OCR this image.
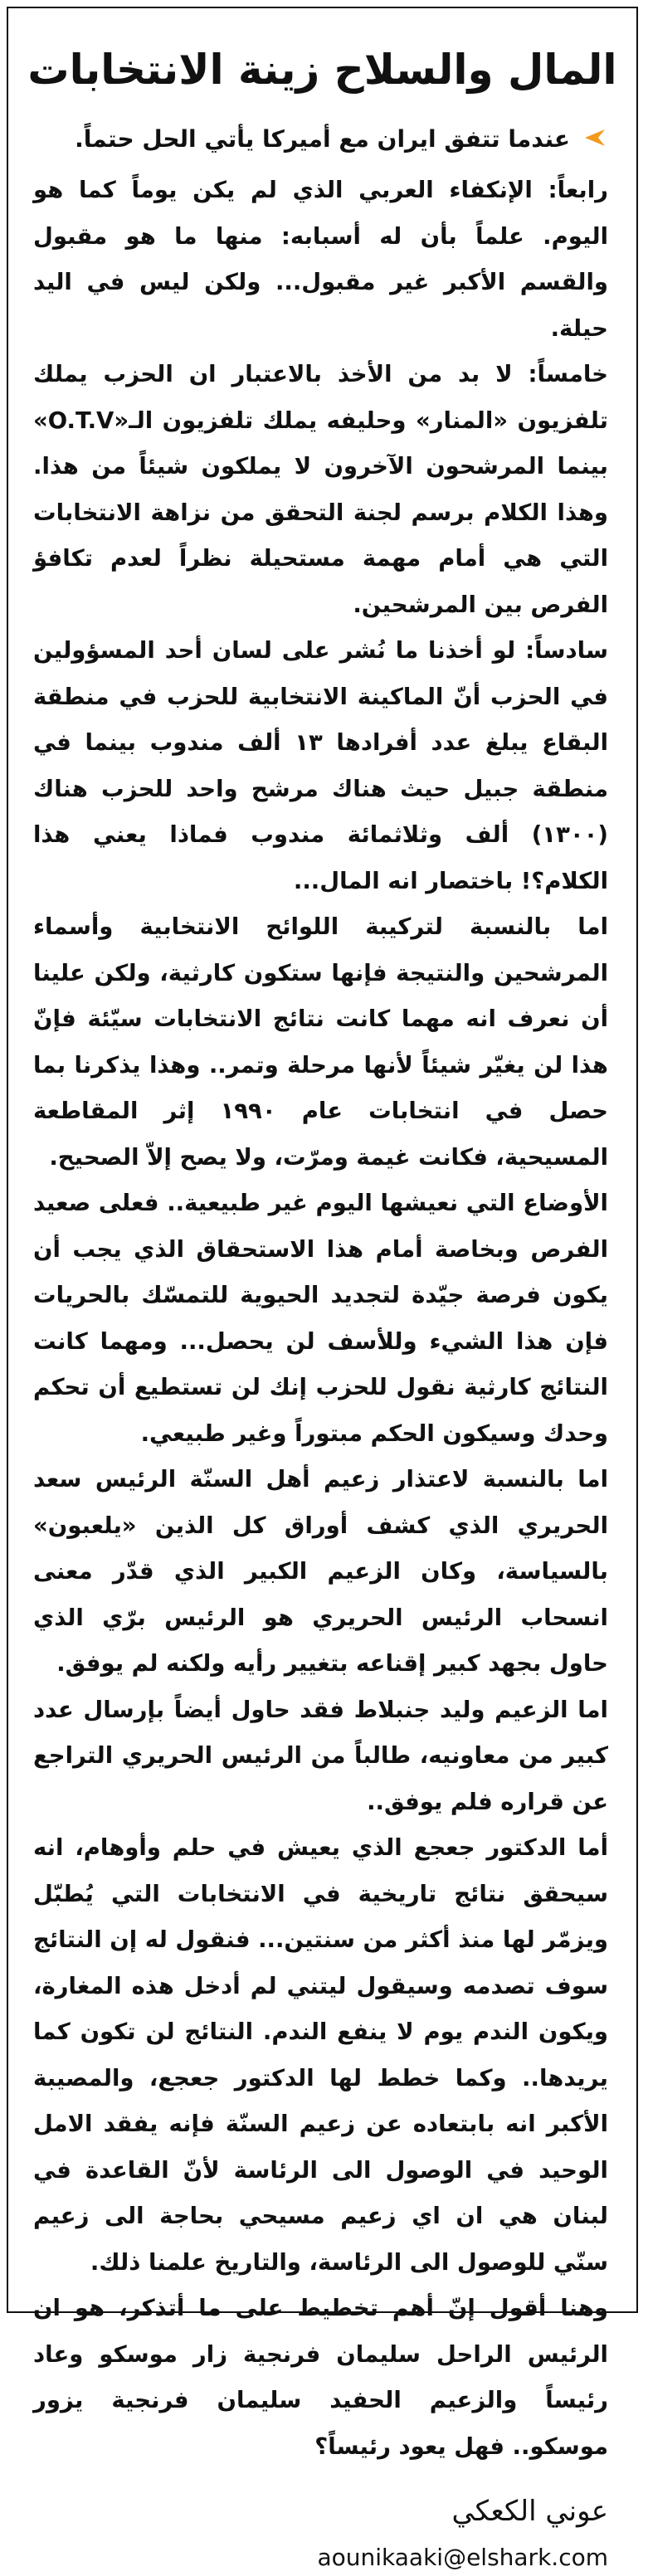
المال والسلاح زينة الانتخابات
عندما تتفق ايران مع أميركا يأتي الحل حتماً.

رابعاً: الإنكفاء العربي الذي لم يكن يوماً كما هو اليوم. علماً بأن له أسبابه: منها ما هو مقبول والقسم الأكبر غير مقبول... ولكن ليس في اليد حيلة.

خامساً: لا بد من الأخذ بالاعتبار ان الحزب يملك تلفزيون «المنار» وحليفه يملك تلفزيون الـ«O.T.V» بينما المرشحون الآخرون لا يملكون شيئاً من هذا. وهذا الكلام برسم لجنة التحقق من نزاهة الانتخابات التي هي أمام مهمة مستحيلة نظراً لعدم تكافؤ الفرص بين المرشحين.

سادساً: لو أخذنا ما نُشر على لسان أحد المسؤولين في الحزب أنّ الماكينة الانتخابية للحزب في منطقة البقاع يبلغ عدد أفرادها ١٣ ألف مندوب بينما في منطقة جبيل حيث هناك مرشح واحد للحزب هناك (١٣٠٠) ألف وثلاثمائة مندوب فماذا يعني هذا الكلام؟! باختصار انه المال...

اما بالنسبة لتركيبة اللوائح الانتخابية وأسماء المرشحين والنتيجة فإنها ستكون كارثية، ولكن علينا أن نعرف انه مهما كانت نتائج الانتخابات سيّئة فإنّ هذا لن يغيّر شيئاً لأنها مرحلة وتمر.. وهذا يذكرنا بما حصل في انتخابات عام ١٩٩٠ إثر المقاطعة المسيحية، فكانت غيمة ومرّت، ولا يصح إلاّ الصحيح.

الأوضاع التي نعيشها اليوم غير طبيعية.. فعلى صعيد الفرص وبخاصة أمام هذا الاستحقاق الذي يجب أن يكون فرصة جيّدة لتجديد الحيوية للتمسّك بالحريات فإن هذا الشيء وللأسف لن يحصل... ومهما كانت النتائج كارثية نقول للحزب إنك لن تستطيع أن تحكم وحدك وسيكون الحكم مبتوراً وغير طبيعي.

اما بالنسبة لاعتذار زعيم أهل السنّة الرئيس سعد الحريري الذي كشف أوراق كل الذين «يلعبون» بالسياسة، وكان الزعيم الكبير الذي قدّر معنى انسحاب الرئيس الحريري هو الرئيس برّي الذي حاول بجهد كبير إقناعه بتغيير رأيه ولكنه لم يوفق.

اما الزعيم وليد جنبلاط فقد حاول أيضاً بإرسال عدد كبير من معاونيه، طالباً من الرئيس الحريري التراجع عن قراره فلم يوفق..

أما الدكتور جعجع الذي يعيش في حلم وأوهام، انه سيحقق نتائج تاريخية في الانتخابات التي يُطبّل ويزمّر لها منذ أكثر من سنتين... فنقول له إن النتائج سوف تصدمه وسيقول ليتني لم أدخل هذه المغارة، ويكون الندم يوم لا ينفع الندم. النتائج لن تكون كما يريدها.. وكما خطط لها الدكتور جعجع، والمصيبة الأكبر انه بابتعاده عن زعيم السنّة فإنه يفقد الامل الوحيد في الوصول الى الرئاسة لأنّ القاعدة في لبنان هي ان اي زعيم مسيحي بحاجة الى زعيم سنّي للوصول الى الرئاسة، والتاريخ علمنا ذلك.

وهنا أقول إنّ أهم تخطيط على ما أتذكر، هو ان الرئيس الراحل سليمان فرنجية زار موسكو وعاد رئيساً والزعيم الحفيد سليمان فرنجية يزور موسكو.. فهل يعود رئيساً؟

عوني الكعكي
aounikaaki@elshark.com
